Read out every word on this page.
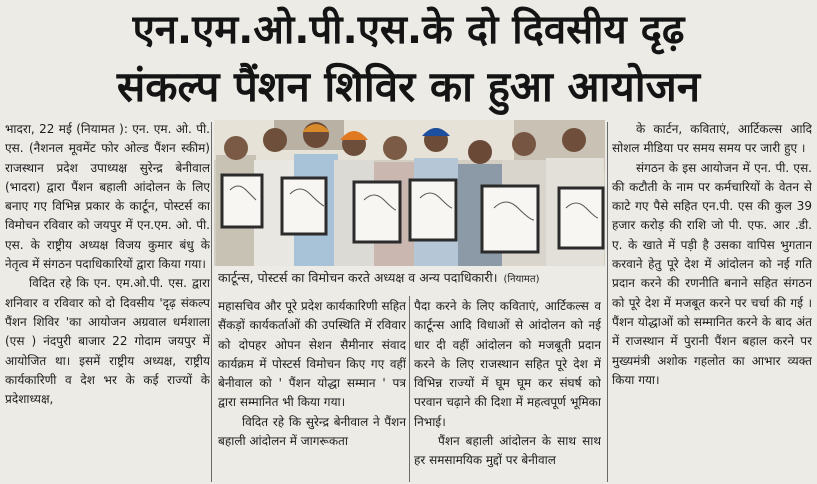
एन.एम.ओ.पी.एस.के दो दिवसीय दृढ़
संकल्प पैंशन शिविर का हुआ आयोजन

भादरा, 22 मई (नियामत ): एन. एम. ओ. पी. एस. (नैशनल मूवमेंट फोर ओल्ड पैंशन स्कीम) राजस्थान प्रदेश उपाध्यक्ष सुरेन्द्र बेनीवाल (भादरा) द्वारा पैंशन बहाली आंदोलन के लिए बनाए गए विभिन्न प्रकार के कार्टून, पोस्टर्स का विमोचन रविवार को जयपुर में एन.एम. ओ. पी. एस. के राष्ट्रीय अध्यक्ष विजय कुमार बंधु के नेतृत्व में संगठन पदाधिकारियों द्वारा किया गया।

विदित रहे कि एन. एम.ओ.पी. एस. द्वारा शनिवार व रविवार को दो दिवसीय 'दृढ़ संकल्प पैंशन शिविर 'का आयोजन अग्रवाल धर्मशाला (एस ) नंदपुरी बाजार 22 गोदाम जयपुर में आयोजित था। इसमें राष्ट्रीय अध्यक्ष, राष्ट्रीय कार्यकारिणी व देश भर के कई राज्यों के प्रदेशाध्यक्ष,

कार्टून्स, पोस्टर्स का विमोचन करते अध्यक्ष व अन्य पदाधिकारी। (नियामत)

महासचिव और पूरे प्रदेश कार्यकारिणी सहित सैंकड़ों कार्यकर्ताओं की उपस्थिति में रविवार को दोपहर ओपन सेशन सैमीनार संवाद कार्यक्रम में पोस्टर्स विमोचन किए गए वहीं बेनीवाल को ' पैंशन योद्धा सम्मान ' पत्र द्वारा सम्मानित भी किया गया।

विदित रहे कि सुरेन्द्र बेनीवाल ने पैंशन बहाली आंदोलन में जागरूकता

पैदा करने के लिए कविताएं, आर्टिकल्स व कार्टून्स आदि विधाओं से आंदोलन को नई धार दी वहीं आंदोलन को मजबूती प्रदान करने के लिए राजस्थान सहित पूरे देश में विभिन्न राज्यों में घूम घूम कर संघर्ष को परवान चढ़ाने की दिशा में महत्वपूर्ण भूमिका निभाई।

पैंशन बहाली आंदोलन के साथ साथ हर समसामयिक मुद्दों पर बेनीवाल

के कार्टन, कविताएं, आर्टिकल्स आदि सोशल मीडिया पर समय समय पर जारी हुए ।

संगठन के इस आयोजन में एन. पी. एस. की कटौती के नाम पर कर्मचारियों के वेतन से काटे गए पैसे सहित एन.पी. एस की कुल 39 हजार करोड़ की राशि जो पी. एफ. आर .डी. ए. के खाते में पड़ी है उसका वापिस भुगतान करवाने हेतु पूरे देश में आंदोलन को नई गति प्रदान करने की रणनीति बनाने सहित संगठन को पूरे देश में मजबूत करने पर चर्चा की गई । पैंशन योद्धाओं को सम्मानित करने के बाद अंत में राजस्थान में पुरानी पैंशन बहाल करने पर मुख्यमंत्री अशोक गहलोत का आभार व्यक्त किया गया।
